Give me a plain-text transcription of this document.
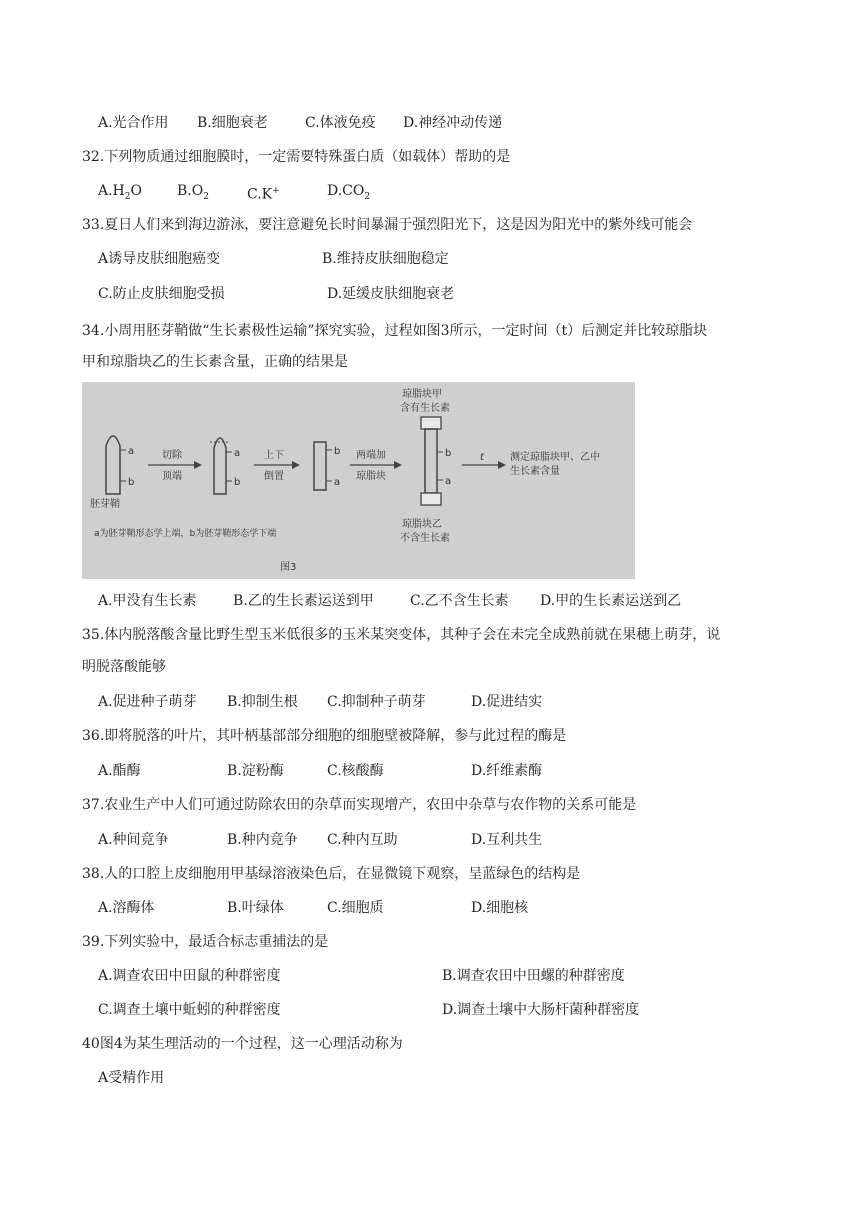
A.光合作用 B.细胞衰老	C.体液免疫 D.神经冲动传递
32.下列物质通过细胞膜时，一定需要特殊蛋白质（如载体）帮助的是
$A.H_2O$	$B.O_2$	C.K+	$D.CO_2$
33.夏日人们来到海边游泳，要注意避免长时间暴漏于强烈阳光下，这是因为阳光中的紫外线可能会
A诱导皮肤细胞癌变	B.维持皮肤细胞稳定
C.防止皮肤细胞受损	D.延缓皮肤细胞衰老
34.小周用胚芽鞘做“生长素极性运输”探究实验，过程如图3所示，一定时间（t）后测定并比较琼脂块
甲和琼脂块乙的生长素含量，正确的结果是
a
b
胚芽鞘
切除
顶端
a
b
上下
倒置
b
a
两端加
琼脂块
琼脂块甲
含有生长素
b
a
琼脂块乙
不含生长素
t	测定琼脂块甲、乙中
生长素含量
a为胚芽鞘形态学上端，b为胚芽鞘形态学下端
图3
A.甲没有生长素	B.乙的生长素运送到甲	C.乙不含生长素 D.甲的生长素运送到乙
35.体内脱落酸含量比野生型玉米低很多的玉米某突变体，其种子会在未完全成熟前就在果穗上萌芽，说
明脱落酸能够
A.促进种子萌芽 B.抑制生根 C.抑制种子萌芽	D.促进结实
36.即将脱落的叶片，其叶柄基部部分细胞的细胞壁被降解，参与此过程的酶是
A.酯酶	B.淀粉酶	C.核酸酶	D.纤维素酶
37.农业生产中人们可通过防除农田的杂草而实现增产，农田中杂草与农作物的关系可能是
A.种间竞争	B.种内竞争 C.种内互助	D.互利共生
38.人的口腔上皮细胞用甲基绿溶液染色后，在显微镜下观察，呈蓝绿色的结构是
A.溶酶体	B.叶绿体	C.细胞质	D.细胞核
39.下列实验中，最适合标志重捕法的是
A.调查农田中田鼠的种群密度	B.调查农田中田螺的种群密度
C.调查土壤中蚯蚓的种群密度	D.调查土壤中大肠杆菌种群密度
40图4为某生理活动的一个过程，这一心理活动称为
A受精作用
